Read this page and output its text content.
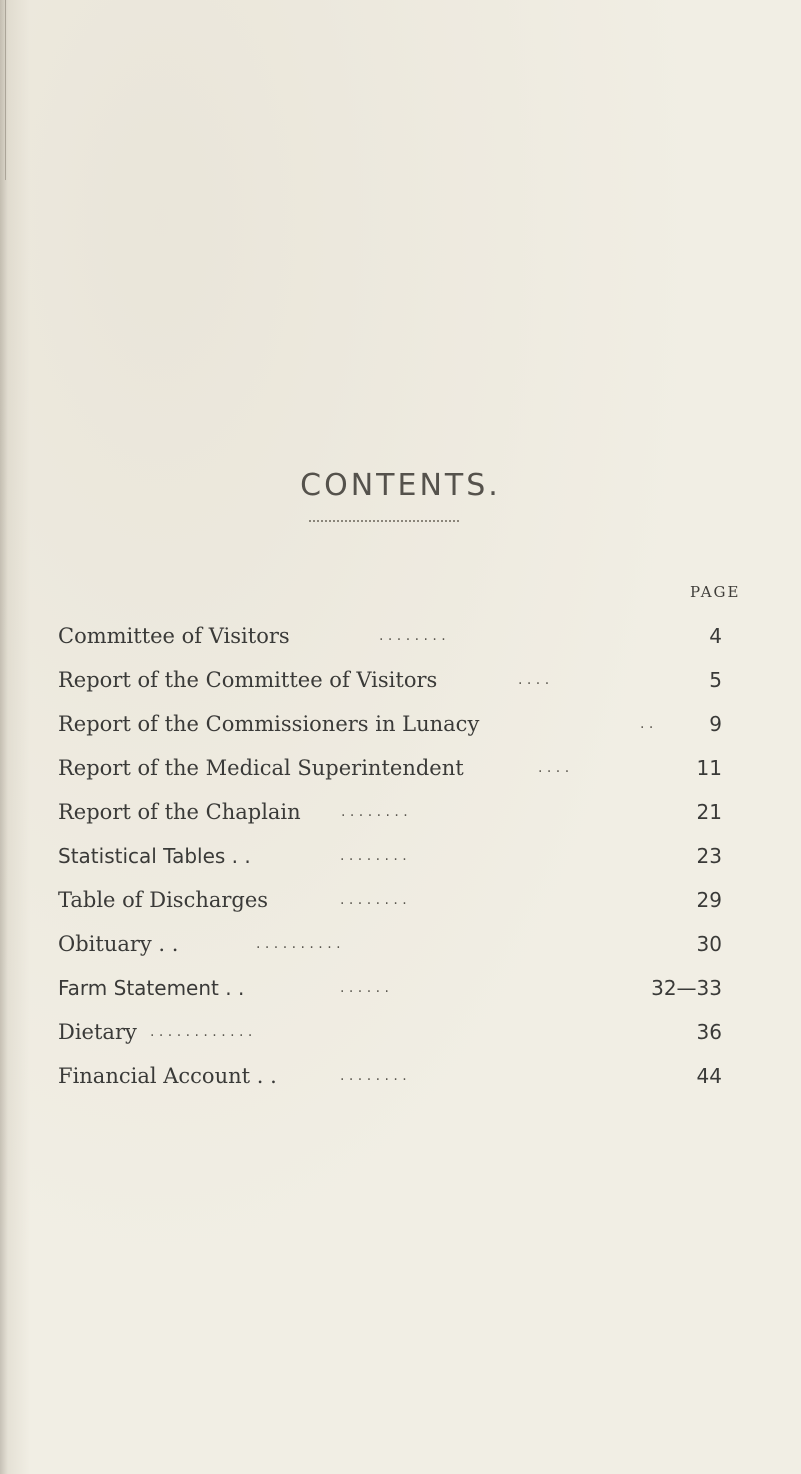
CONTENTS.
PAGE
Committee of Visitors	. . . . . . . .	4
Report of the Committee of Visitors	. . . .	5
Report of the Commissioners in Lunacy	. .	9
Report of the Medical Superintendent	. . . .	11
Report of the Chaplain	. . . . . . . .	21
Statistical Tables . .	. . . . . . . .	23
Table of Discharges	. . . . . . . .	29
Obituary . .	. . . . . . . . . .	30
Farm Statement . .	. . . . . .	32—33
Dietary . . . . . . . . . . . .	36
Financial Account . .	. . . . . . . .	44
